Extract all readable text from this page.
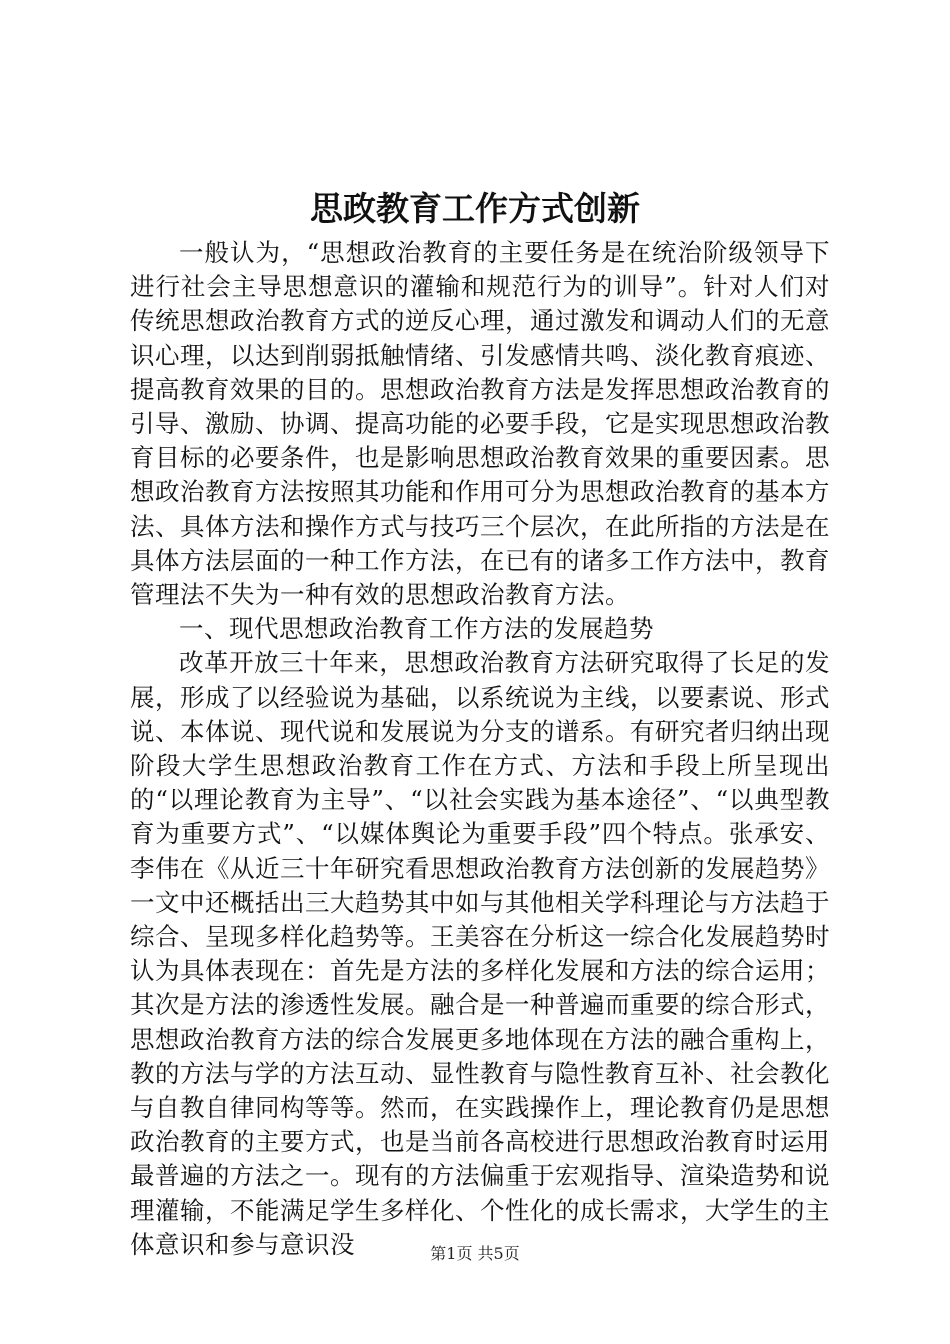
思政教育工作方式创新

一般认为，“思想政治教育的主要任务是在统治阶级领导下进行社会主导思想意识的灌输和规范行为的训导”。针对人们对传统思想政治教育方式的逆反心理，通过激发和调动人们的无意识心理，以达到削弱抵触情绪、引发感情共鸣、淡化教育痕迹、提高教育效果的目的。思想政治教育方法是发挥思想政治教育的引导、激励、协调、提高功能的必要手段，它是实现思想政治教育目标的必要条件，也是影响思想政治教育效果的重要因素。思想政治教育方法按照其功能和作用可分为思想政治教育的基本方法、具体方法和操作方式与技巧三个层次，在此所指的方法是在具体方法层面的一种工作方法，在已有的诸多工作方法中，教育管理法不失为一种有效的思想政治教育方法。

一、现代思想政治教育工作方法的发展趋势

改革开放三十年来，思想政治教育方法研究取得了长足的发展，形成了以经验说为基础，以系统说为主线，以要素说、形式说、本体说、现代说和发展说为分支的谱系。有研究者归纳出现阶段大学生思想政治教育工作在方式、方法和手段上所呈现出的“以理论教育为主导”、“以社会实践为基本途径”、“以典型教育为重要方式”、“以媒体舆论为重要手段”四个特点。张承安、李伟在《从近三十年研究看思想政治教育方法创新的发展趋势》一文中还概括出三大趋势其中如与其他相关学科理论与方法趋于综合、呈现多样化趋势等。王美容在分析这一综合化发展趋势时认为具体表现在：首先是方法的多样化发展和方法的综合运用；其次是方法的渗透性发展。融合是一种普遍而重要的综合形式，思想政治教育方法的综合发展更多地体现在方法的融合重构上，教的方法与学的方法互动、显性教育与隐性教育互补、社会教化与自教自律同构等等。然而，在实践操作上，理论教育仍是思想政治教育的主要方式，也是当前各高校进行思想政治教育时运用最普遍的方法之一。现有的方法偏重于宏观指导、渲染造势和说理灌输，不能满足学生多样化、个性化的成长需求，大学生的主体意识和参与意识没	第1页 共5页
